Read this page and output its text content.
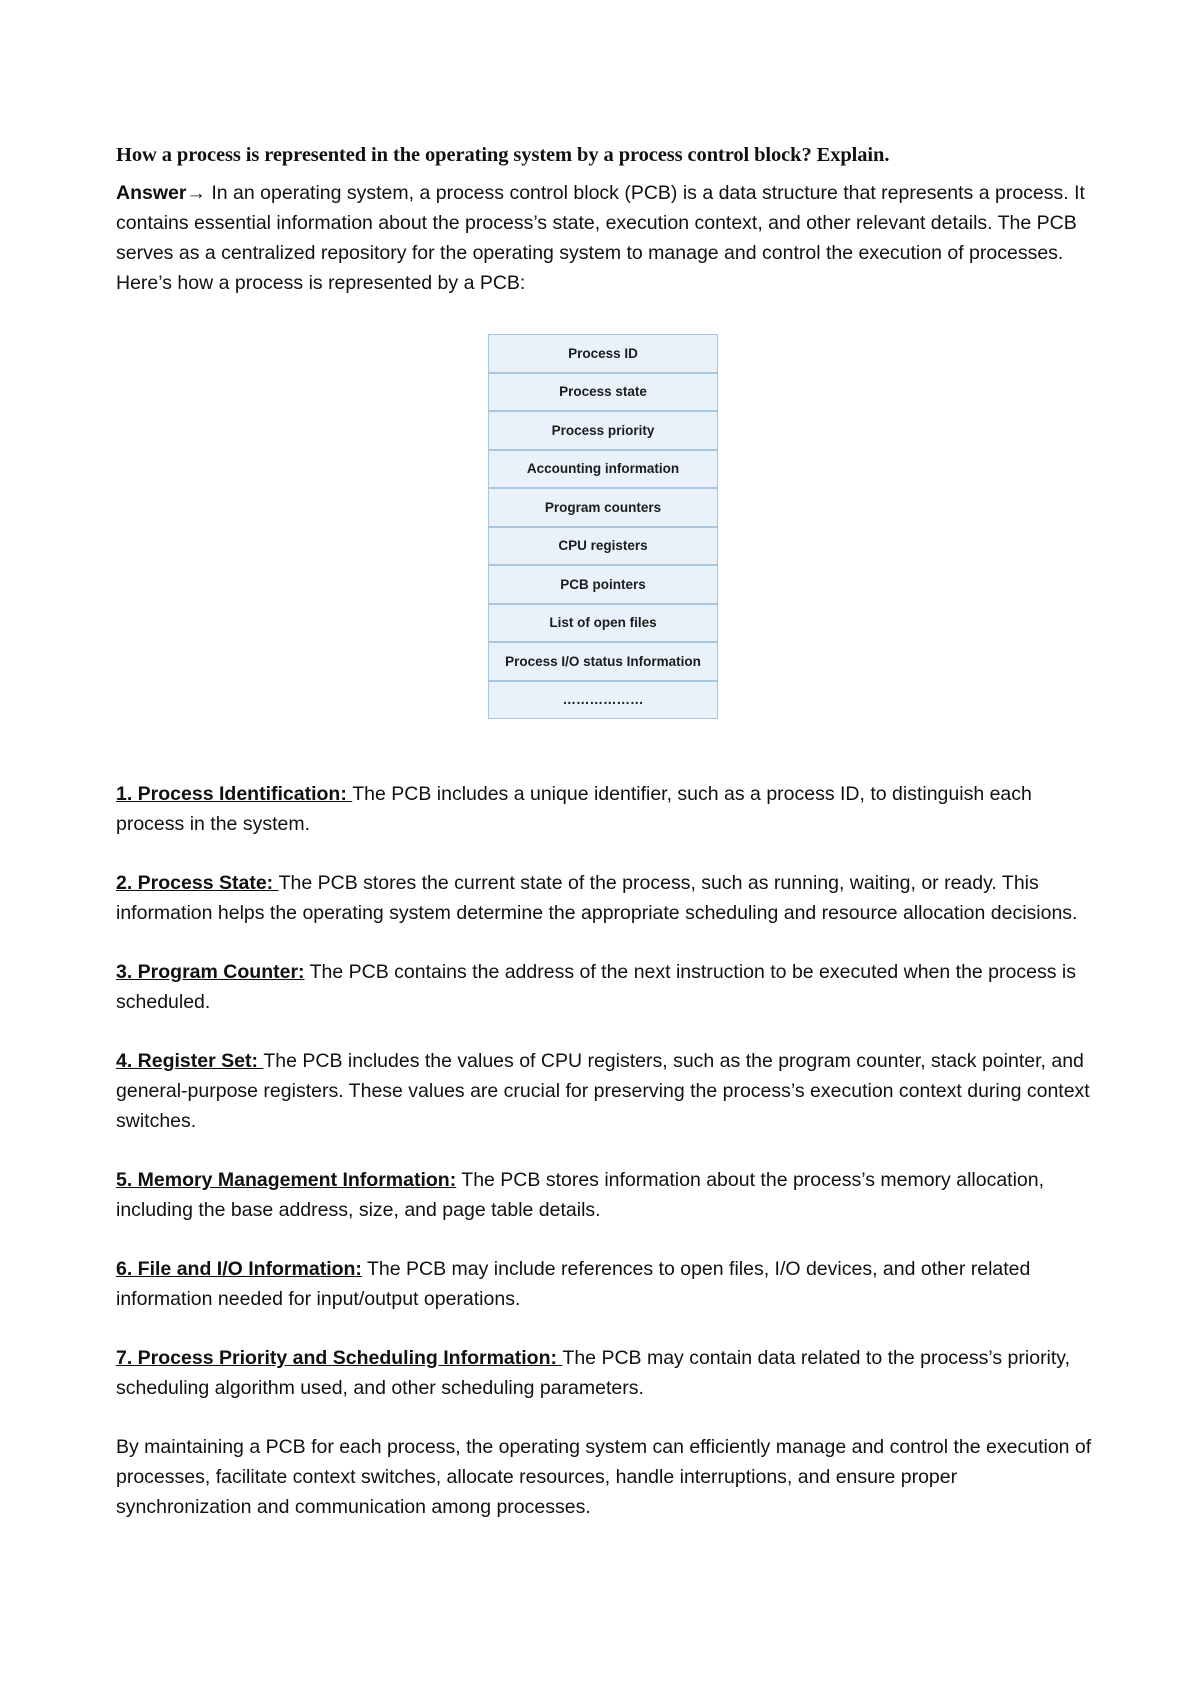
How a process is represented in the operating system by a process control block? Explain.

Answer→ In an operating system, a process control block (PCB) is a data structure that represents a process. It contains essential information about the process’s state, execution context, and other relevant details. The PCB serves as a centralized repository for the operating system to manage and control the execution of processes. Here’s how a process is represented by a PCB:

Process ID
Process state
Process priority
Accounting information
Program counters
CPU registers
PCB pointers
List of open files
Process I/O status Information
………………

1. Process Identification: The PCB includes a unique identifier, such as a process ID, to distinguish each process in the system.

2. Process State: The PCB stores the current state of the process, such as running, waiting, or ready. This information helps the operating system determine the appropriate scheduling and resource allocation decisions.

3. Program Counter: The PCB contains the address of the next instruction to be executed when the process is scheduled.

4. Register Set: The PCB includes the values of CPU registers, such as the program counter, stack pointer, and general-purpose registers. These values are crucial for preserving the process’s execution context during context switches.

5. Memory Management Information: The PCB stores information about the process’s memory allocation, including the base address, size, and page table details.

6. File and I/O Information: The PCB may include references to open files, I/O devices, and other related information needed for input/output operations.

7. Process Priority and Scheduling Information: The PCB may contain data related to the process’s priority, scheduling algorithm used, and other scheduling parameters.

By maintaining a PCB for each process, the operating system can efficiently manage and control the execution of processes, facilitate context switches, allocate resources, handle interruptions, and ensure proper synchronization and communication among processes.
